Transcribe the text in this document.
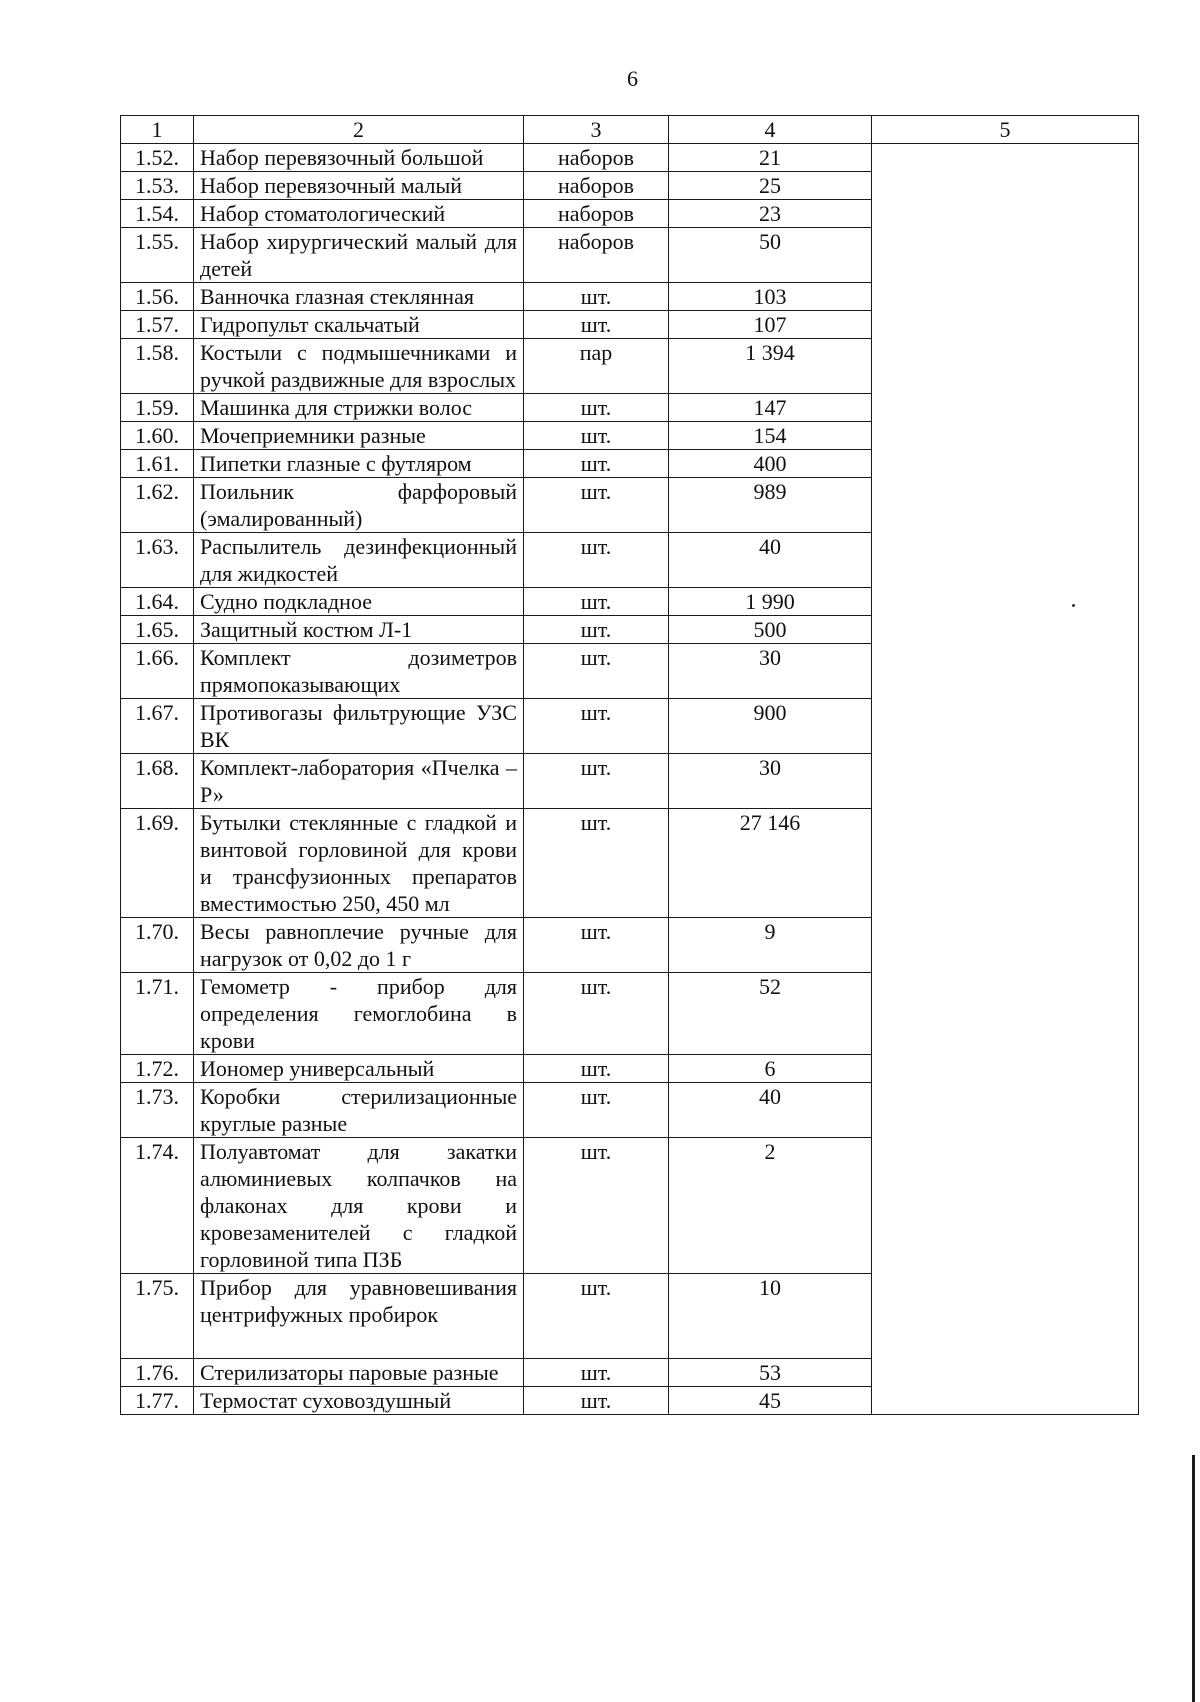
6
1	2	3	4	5
1.52.	Набор перевязочный большой	наборов	21	
1.53.	Набор перевязочный малый	наборов	25	
1.54.	Набор стоматологический	наборов	23	
1.55.	Набор хирургический малый для детей	наборов	50	
1.56.	Ванночка глазная стеклянная	шт.	103	
1.57.	Гидропульт скальчатый	шт.	107	
1.58.	Костыли с подмышечниками и ручкой раздвижные для взрослых	пар	1 394	
1.59.	Машинка для стрижки волос	шт.	147	
1.60.	Мочеприемники разные	шт.	154	
1.61.	Пипетки глазные с футляром	шт.	400	
1.62.	Поильник фарфоровый (эмалированный)	шт.	989	
1.63.	Распылитель дезинфекционный для жидкостей	шт.	40	
1.64.	Судно подкладное	шт.	1 990	
1.65.	Защитный костюм Л-1	шт.	500	
1.66.	Комплект дозиметров прямопоказывающих	шт.	30	
1.67.	Противогазы фильтрующие УЗС ВК	шт.	900	
1.68.	Комплект-лаборатория «Пчелка – Р»	шт.	30	
1.69.	Бутылки стеклянные с гладкой и винтовой горловиной для крови и трансфузионных препаратов вместимостью 250, 450 мл	шт.	27 146	
1.70.	Весы равноплечие ручные для нагрузок от 0,02 до 1 г	шт.	9	
1.71.	Гемометр - прибор для определения гемоглобина в крови	шт.	52	
1.72.	Иономер универсальный	шт.	6	
1.73.	Коробки стерилизационные круглые разные	шт.	40	
1.74.	Полуавтомат для закатки алюминиевых колпачков на флаконах для крови и кровезаменителей с гладкой горловиной типа ПЗБ	шт.	2	
1.75.	Прибор для уравновешивания центрифужных пробирок	шт.	10	
1.76.	Стерилизаторы паровые разные	шт.	53	
1.77.	Термостат суховоздушный	шт.	45	
